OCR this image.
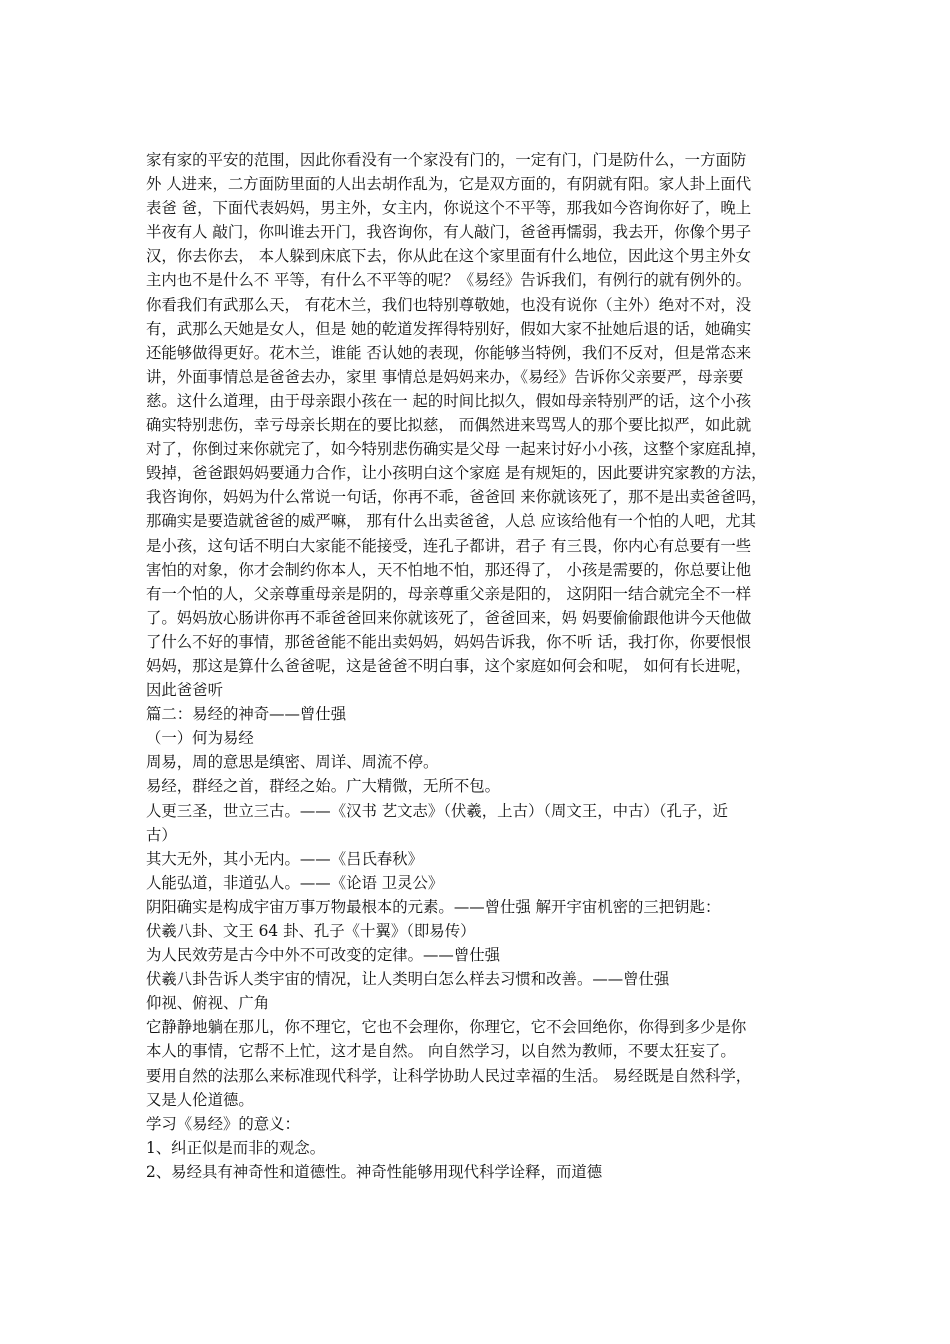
家有家的平安的范围，因此你看没有一个家没有门的，一定有门，门是防什么，一方面防
外 人进来，二方面防里面的人出去胡作乱为，它是双方面的，有阴就有阳。家人卦上面代
表爸 爸，下面代表妈妈，男主外，女主内，你说这个不平等，那我如今咨询你好了，晚上
半夜有人 敲门，你叫谁去开门，我咨询你，有人敲门，爸爸再懦弱，我去开，你像个男子
汉，你去你去， 本人躲到床底下去，你从此在这个家里面有什么地位，因此这个男主外女
主内也不是什么不 平等，有什么不平等的呢？《易经》告诉我们，有例行的就有例外的。
你看我们有武那么天， 有花木兰，我们也特别尊敬她，也没有说你（主外）绝对不对，没
有，武那么天她是女人，但是 她的乾道发挥得特别好，假如大家不扯她后退的话，她确实
还能够做得更好。花木兰，谁能 否认她的表现，你能够当特例，我们不反对，但是常态来
讲，外面事情总是爸爸去办，家里 事情总是妈妈来办，《易经》告诉你父亲要严，母亲要
慈。这什么道理，由于母亲跟小孩在一 起的时间比拟久，假如母亲特别严的话，这个小孩
确实特别悲伤，幸亏母亲长期在的要比拟慈， 而偶然进来骂骂人的那个要比拟严，如此就
对了，你倒过来你就完了，如今特别悲伤确实是父母 一起来讨好小小孩，这整个家庭乱掉，
毁掉，爸爸跟妈妈要通力合作，让小孩明白这个家庭 是有规矩的，因此要讲究家教的方法，
我咨询你，妈妈为什么常说一句话，你再不乖，爸爸回 来你就该死了，那不是出卖爸爸吗，
那确实是要造就爸爸的威严嘛， 那有什么出卖爸爸，人总 应该给他有一个怕的人吧，尤其
是小孩，这句话不明白大家能不能接受，连孔子都讲，君子 有三畏，你内心有总要有一些
害怕的对象，你才会制约你本人，天不怕地不怕，那还得了， 小孩是需要的，你总要让他
有一个怕的人，父亲尊重母亲是阴的，母亲尊重父亲是阳的， 这阴阳一结合就完全不一样
了。妈妈放心肠讲你再不乖爸爸回来你就该死了，爸爸回来，妈 妈要偷偷跟他讲今天他做
了什么不好的事情，那爸爸能不能出卖妈妈，妈妈告诉我，你不听 话，我打你，你要恨恨
妈妈，那这是算什么爸爸呢，这是爸爸不明白事，这个家庭如何会和呢， 如何有长进呢，
因此爸爸听
篇二：易经的神奇——曾仕强
（一）何为易经
周易，周的意思是缜密、周详、周流不停。
易经，群经之首，群经之始。广大精微，无所不包。
人更三圣，世立三古。——《汉书 艺文志》（伏羲，上古）（周文王，中古）（孔子，近
古）
其大无外，其小无内。——《吕氏春秋》
人能弘道，非道弘人。——《论语 卫灵公》
阴阳确实是构成宇宙万事万物最根本的元素。——曾仕强 解开宇宙机密的三把钥匙：
伏羲八卦、文王 64 卦、孔子《十翼》（即易传）
为人民效劳是古今中外不可改变的定律。——曾仕强
伏羲八卦告诉人类宇宙的情况，让人类明白怎么样去习惯和改善。——曾仕强
仰视、俯视、广角
它静静地躺在那儿，你不理它，它也不会理你，你理它，它不会回绝你，你得到多少是你
本人的事情，它帮不上忙，这才是自然。 向自然学习，以自然为教师，不要太狂妄了。
要用自然的法那么来标准现代科学，让科学协助人民过幸福的生活。 易经既是自然科学，
又是人伦道德。
学习《易经》的意义：
1、纠正似是而非的观念。
2、易经具有神奇性和道德性。神奇性能够用现代科学诠释，而道德
